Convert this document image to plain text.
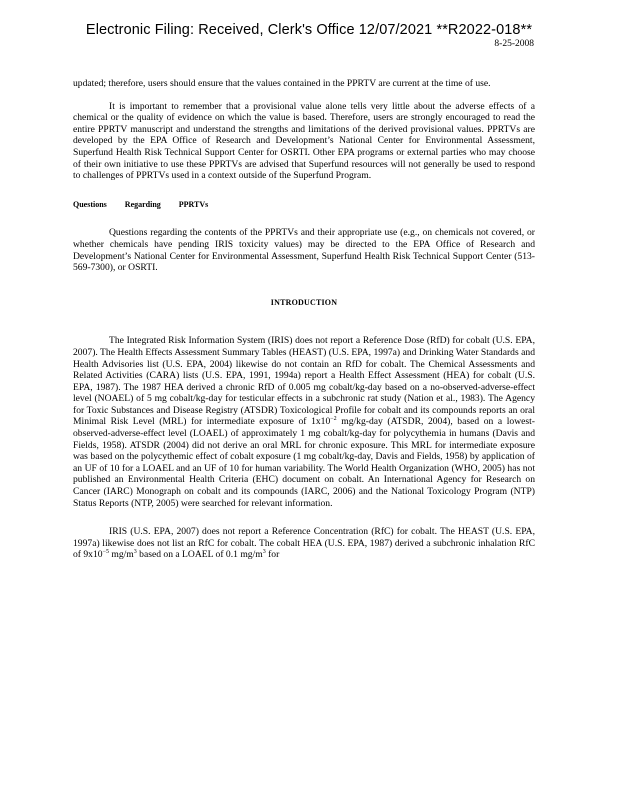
Electronic Filing: Received, Clerk's Office 12/07/2021 **R2022-018**
8-25-2008

updated; therefore, users should ensure that the values contained in the PPRTV are current at the time of use.

It is important to remember that a provisional value alone tells very little about the adverse effects of a chemical or the quality of evidence on which the value is based. Therefore, users are strongly encouraged to read the entire PPRTV manuscript and understand the strengths and limitations of the derived provisional values. PPRTVs are developed by the EPA Office of Research and Development’s National Center for Environmental Assessment, Superfund Health Risk Technical Support Center for OSRTI. Other EPA programs or external parties who may choose of their own initiative to use these PPRTVs are advised that Superfund resources will not generally be used to respond to challenges of PPRTVs used in a context outside of the Superfund Program.

Questions Regarding PPRTVs

Questions regarding the contents of the PPRTVs and their appropriate use (e.g., on chemicals not covered, or whether chemicals have pending IRIS toxicity values) may be directed to the EPA Office of Research and Development’s National Center for Environmental Assessment, Superfund Health Risk Technical Support Center (513-569-7300), or OSRTI.

INTRODUCTION

The Integrated Risk Information System (IRIS) does not report a Reference Dose (RfD) for cobalt (U.S. EPA, 2007). The Health Effects Assessment Summary Tables (HEAST) (U.S. EPA, 1997a) and Drinking Water Standards and Health Advisories list (U.S. EPA, 2004) likewise do not contain an RfD for cobalt. The Chemical Assessments and Related Activities (CARA) lists (U.S. EPA, 1991, 1994a) report a Health Effect Assessment (HEA) for cobalt (U.S. EPA, 1987). The 1987 HEA derived a chronic RfD of 0.005 mg cobalt/kg-day based on a no-observed-adverse-effect level (NOAEL) of 5 mg cobalt/kg-day for testicular effects in a subchronic rat study (Nation et al., 1983). The Agency for Toxic Substances and Disease Registry (ATSDR) Toxicological Profile for cobalt and its compounds reports an oral Minimal Risk Level (MRL) for intermediate exposure of $1x10^{-2}$ mg/kg-day (ATSDR, 2004), based on a lowest-observed-adverse-effect level (LOAEL) of approximately 1 mg cobalt/kg-day for polycythemia in humans (Davis and Fields, 1958). ATSDR (2004) did not derive an oral MRL for chronic exposure. This MRL for intermediate exposure was based on the polycythemic effect of cobalt exposure (1 mg cobalt/kg-day, Davis and Fields, 1958) by application of an UF of 10 for a LOAEL and an UF of 10 for human variability. The World Health Organization (WHO, 2005) has not published an Environmental Health Criteria (EHC) document on cobalt. An International Agency for Research on Cancer (IARC) Monograph on cobalt and its compounds (IARC, 2006) and the National Toxicology Program (NTP) Status Reports (NTP, 2005) were searched for relevant information.

IRIS (U.S. EPA, 2007) does not report a Reference Concentration (RfC) for cobalt. The HEAST (U.S. EPA, 1997a) likewise does not list an RfC for cobalt. The cobalt HEA (U.S. EPA, 1987) derived a subchronic inhalation RfC of $9x10^{-5}$ $mg/m^3$ based on a LOAEL of 0.1 $mg/m^3$ for
